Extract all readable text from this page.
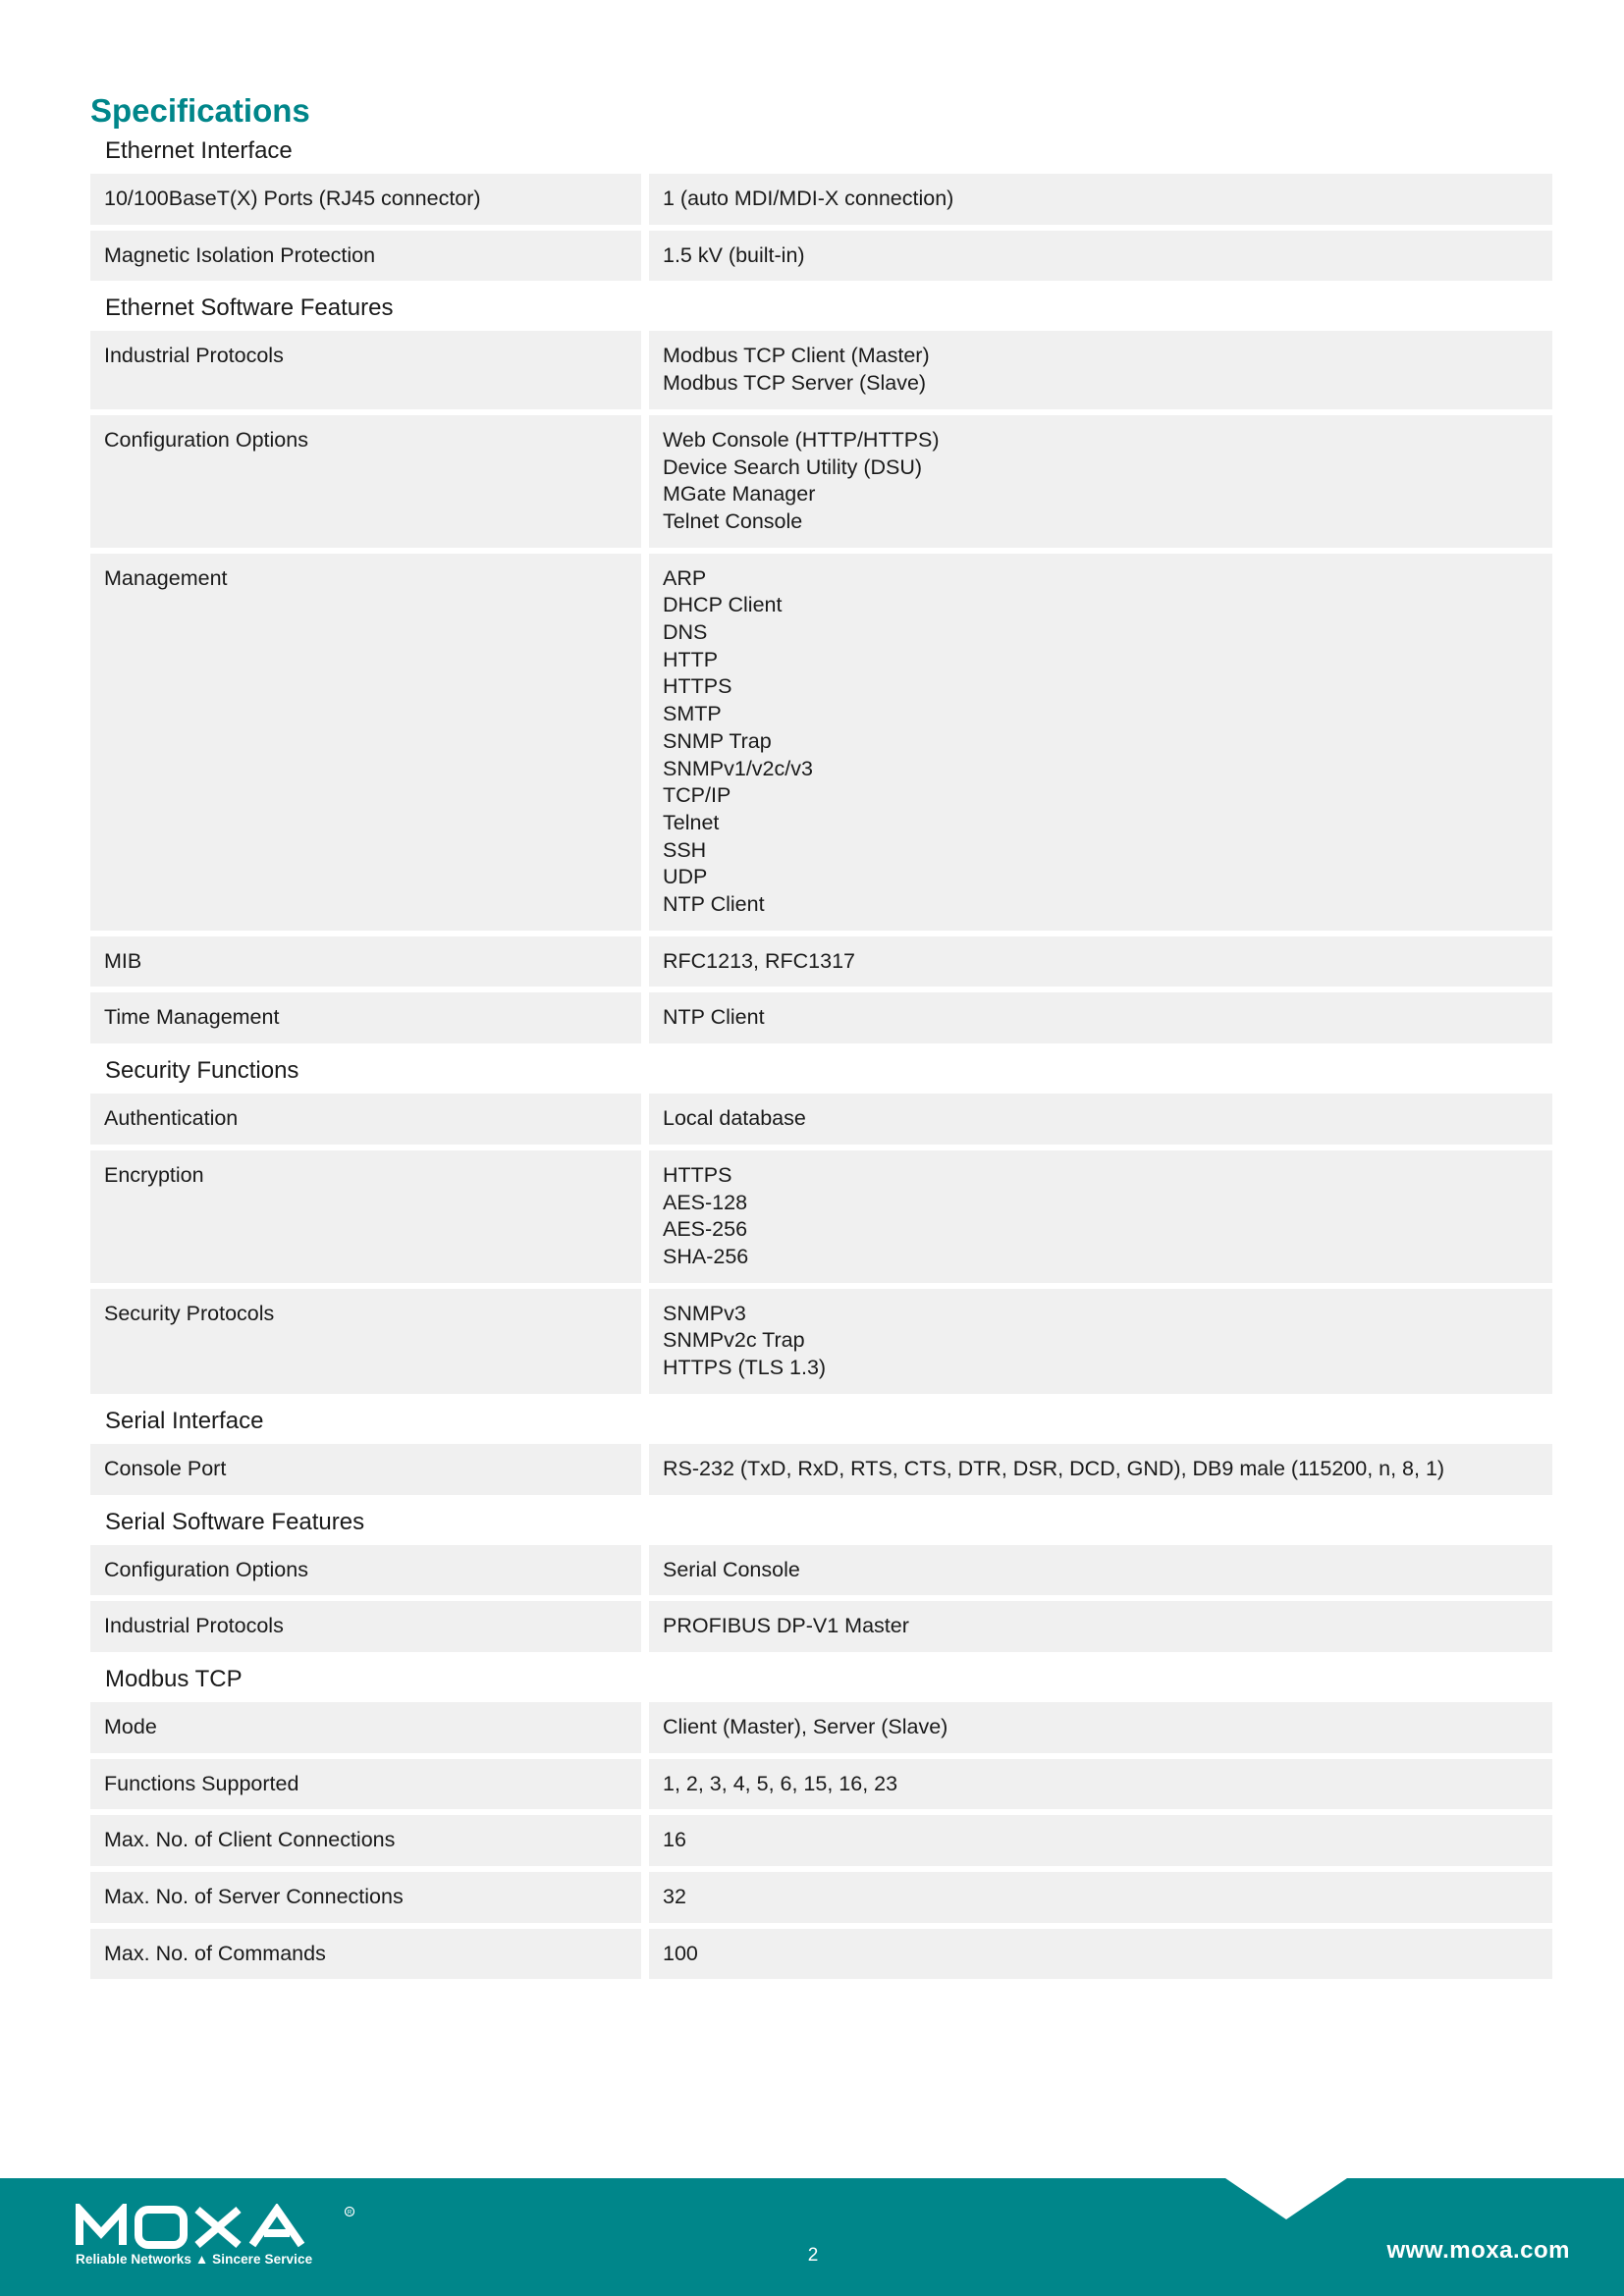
Specifications
Ethernet Interface
10/100BaseT(X) Ports (RJ45 connector)	1 (auto MDI/MDI-X connection)
Magnetic Isolation Protection	1.5 kV (built-in)
Ethernet Software Features
Industrial Protocols	Modbus TCP Client (Master)
Modbus TCP Server (Slave)
Configuration Options	Web Console (HTTP/HTTPS)
Device Search Utility (DSU)
MGate Manager
Telnet Console
Management	ARP
DHCP Client
DNS
HTTP
HTTPS
SMTP
SNMP Trap
SNMPv1/v2c/v3
TCP/IP
Telnet
SSH
UDP
NTP Client
MIB	RFC1213, RFC1317
Time Management	NTP Client
Security Functions
Authentication	Local database
Encryption	HTTPS
AES-128
AES-256
SHA-256
Security Protocols	SNMPv3
SNMPv2c Trap
HTTPS (TLS 1.3)
Serial Interface
Console Port	RS-232 (TxD, RxD, RTS, CTS, DTR, DSR, DCD, GND), DB9 male (115200, n, 8, 1)
Serial Software Features
Configuration Options	Serial Console
Industrial Protocols	PROFIBUS DP-V1 Master
Modbus TCP
Mode	Client (Master), Server (Slave)
Functions Supported	1, 2, 3, 4, 5, 6, 15, 16, 23
Max. No. of Client Connections	16
Max. No. of Server Connections	32
Max. No. of Commands	100
R
Reliable Networks ▲ Sincere Service	2	www.moxa.com
